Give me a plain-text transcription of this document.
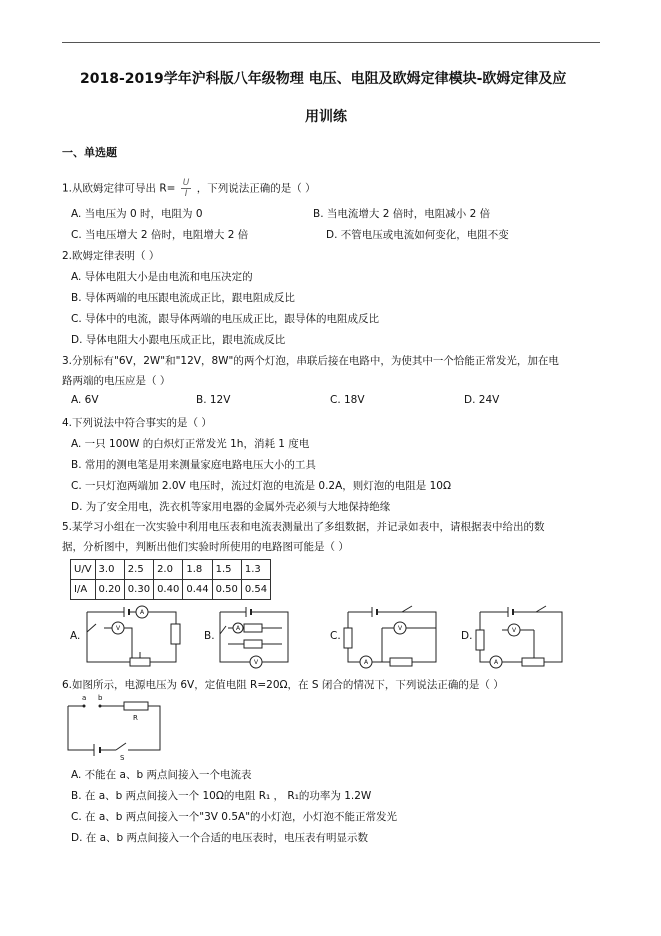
2018-2019学年沪科版八年级物理 电压、电阻及欧姆定律模块-欧姆定律及应
用训练
一、单选题
1.从欧姆定律可导出 $R= \frac{U}{I}$ ，下列说法正确的是（ ）
A. 当电压为 0 时，电阻为 0	B. 当电流增大 2 倍时，电阻减小 2 倍
C. 当电压增大 2 倍时，电阻增大 2 倍	D. 不管电压或电流如何变化，电阻不变
2.欧姆定律表明（ ）
A. 导体电阻大小是由电流和电压决定的
B. 导体两端的电压跟电流成正比，跟电阻成反比
C. 导体中的电流，跟导体两端的电压成正比，跟导体的电阻成反比
D. 导体电阻大小跟电压成正比，跟电流成反比
3.分别标有"6V，2W"和"12V，8W"的两个灯泡，串联后接在电路中，为使其中一个恰能正常发光，加在电
路两端的电压应是（ ）
A. 6V	B. 12V	C. 18V	D. 24V
4.下列说法中符合事实的是（ ）
A. 一只 100W 的白炽灯正常发光 1h，消耗 1 度电
B. 常用的测电笔是用来测量家庭电路电压大小的工具
C. 一只灯泡两端加 2.0V 电压时，流过灯泡的电流是 0.2A，则灯泡的电阻是 10Ω
D. 为了安全用电，洗衣机等家用电器的金属外壳必须与大地保持绝缘
5.某学习小组在一次实验中利用电压表和电流表测量出了多组数据，并记录如表中，请根据表中给出的数
据，分析图中，判断出他们实验时所使用的电路图可能是（ ）
U/V	3.0	2.5	2.0	1.8	1.5	1.3
I/A	0.20	0.30	0.40	0.44	0.50	0.54
A.
A
V
B.
A
V
C.
V
A
D.	V
A
6.如图所示，电源电压为 6V，定值电阻 R=20Ω，在 S 闭合的情况下，下列说法正确的是（ ）
a b
R
S
A. 不能在 a、b 两点间接入一个电流表
B. 在 a、b 两点间接入一个 10Ω的电阻 R₁ ， R₁的功率为 1.2W
C. 在 a、b 两点间接入一个"3V 0.5A"的小灯泡，小灯泡不能正常发光
D. 在 a、b 两点间接入一个合适的电压表时，电压表有明显示数
